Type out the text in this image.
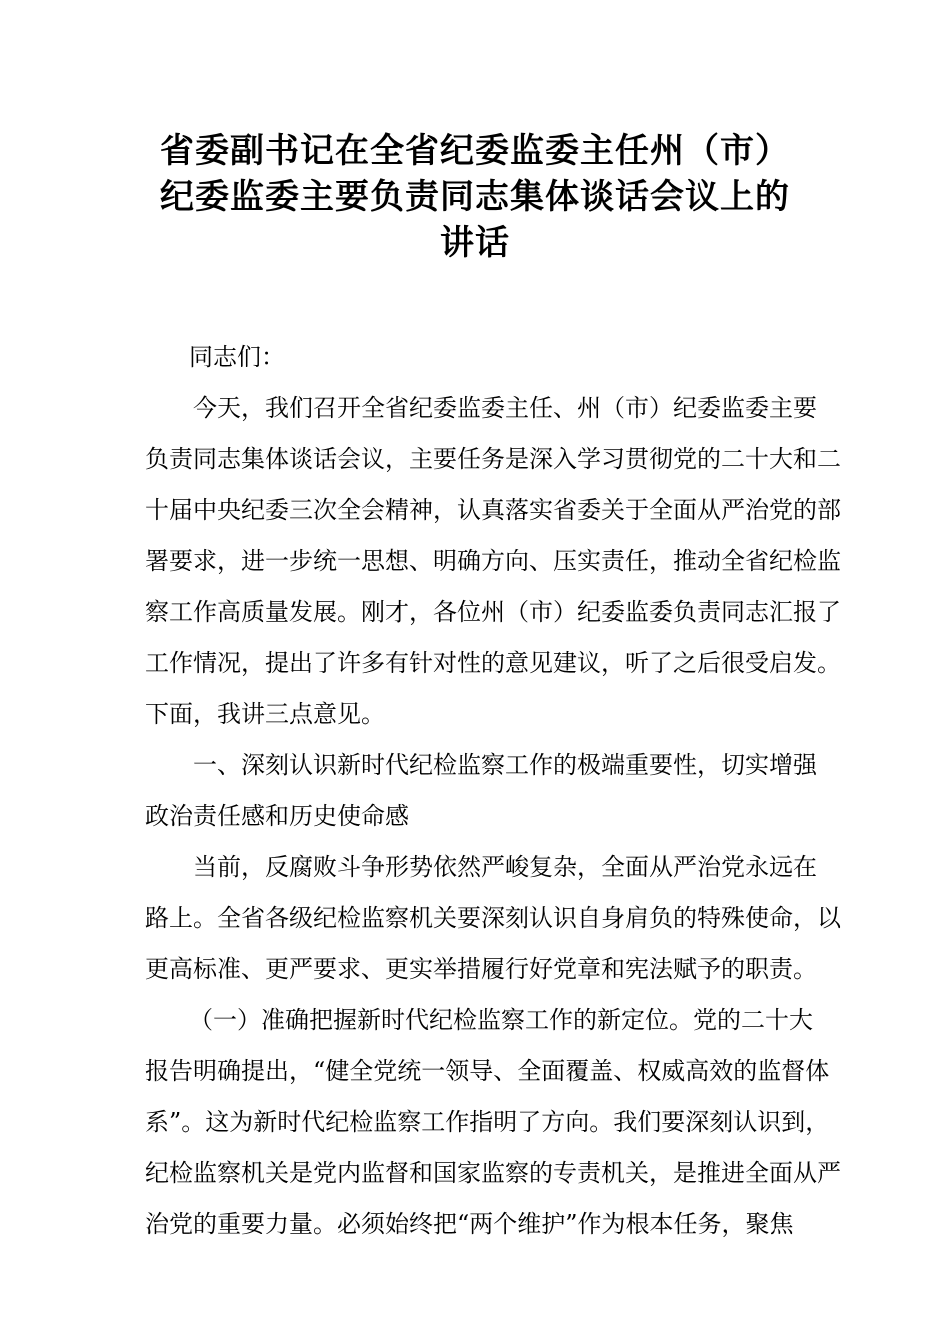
省委副书记在全省纪委监委主任州（市）
纪委监委主要负责同志集体谈话会议上的
讲话
同志们：
今天，我们召开全省纪委监委主任、州（市）纪委监委主要
负责同志集体谈话会议，主要任务是深入学习贯彻党的二十大和二
十届中央纪委三次全会精神，认真落实省委关于全面从严治党的部
署要求，进一步统一思想、明确方向、压实责任，推动全省纪检监
察工作高质量发展。刚才，各位州（市）纪委监委负责同志汇报了
工作情况，提出了许多有针对性的意见建议，听了之后很受启发。
下面，我讲三点意见。
一、深刻认识新时代纪检监察工作的极端重要性，切实增强
政治责任感和历史使命感
当前，反腐败斗争形势依然严峻复杂，全面从严治党永远在
路上。全省各级纪检监察机关要深刻认识自身肩负的特殊使命，以
更高标准、更严要求、更实举措履行好党章和宪法赋予的职责。
（一）准确把握新时代纪检监察工作的新定位。党的二十大
报告明确提出，“健全党统一领导、全面覆盖、权威高效的监督体
系”。这为新时代纪检监察工作指明了方向。我们要深刻认识到，
纪检监察机关是党内监督和国家监察的专责机关，是推进全面从严
治党的重要力量。必须始终把“两个维护”作为根本任务，聚焦
